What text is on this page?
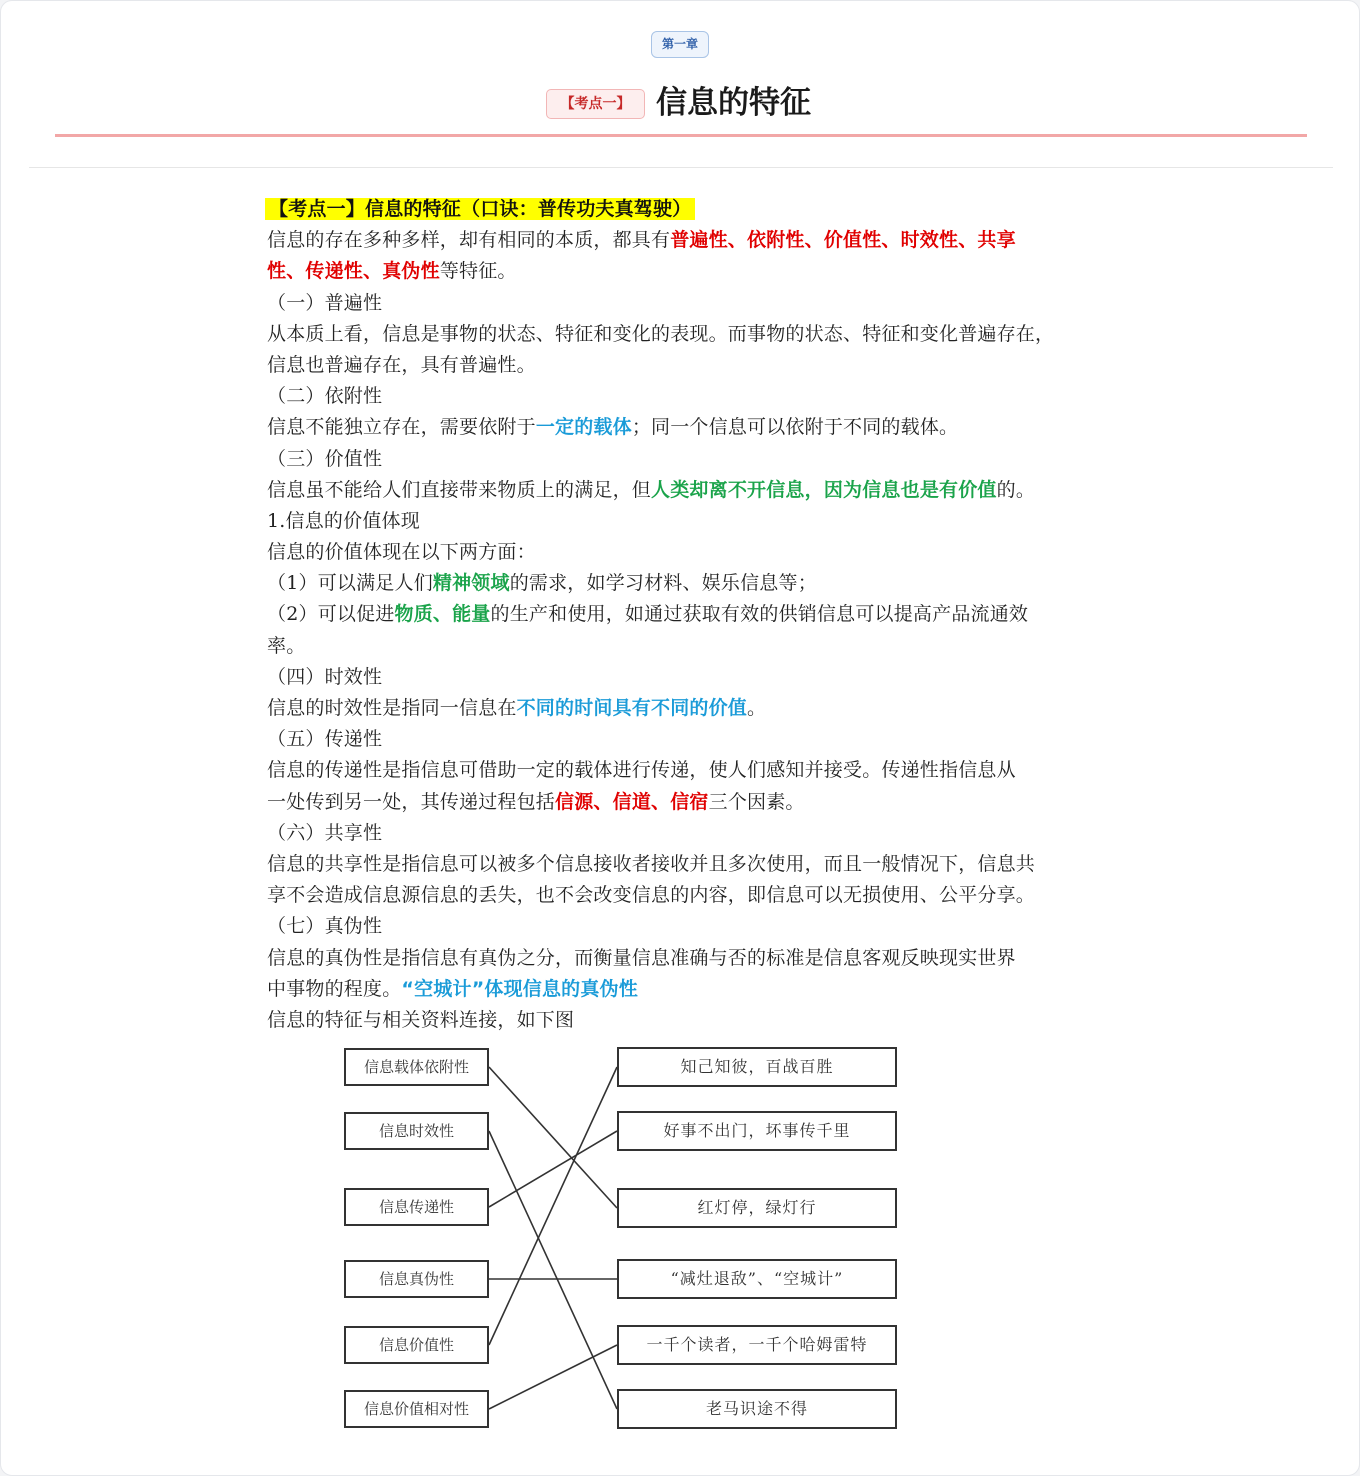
第一章
【考点一】 信息的特征
【考点一】信息的特征（口诀：普传功夫真驾驶）
信息的存在多种多样，却有相同的本质，都具有普遍性、依附性、价值性、时效性、共享
性、传递性、真伪性等特征。
（一）普遍性
从本质上看，信息是事物的状态、特征和变化的表现。而事物的状态、特征和变化普遍存在，
信息也普遍存在，具有普遍性。
（二）依附性
信息不能独立存在，需要依附于一定的载体；同一个信息可以依附于不同的载体。
（三）价值性
信息虽不能给人们直接带来物质上的满足，但人类却离不开信息，因为信息也是有价值的。
1.信息的价值体现
信息的价值体现在以下两方面：
（1）可以满足人们精神领域的需求，如学习材料、娱乐信息等；
（2）可以促进物质、能量的生产和使用，如通过获取有效的供销信息可以提高产品流通效
率。
（四）时效性
信息的时效性是指同一信息在不同的时间具有不同的价值。
（五）传递性
信息的传递性是指信息可借助一定的载体进行传递，使人们感知并接受。传递性指信息从
一处传到另一处，其传递过程包括信源、信道、信宿三个因素。
（六）共享性
信息的共享性是指信息可以被多个信息接收者接收并且多次使用，而且一般情况下，信息共
享不会造成信息源信息的丢失，也不会改变信息的内容，即信息可以无损使用、公平分享。
（七）真伪性
信息的真伪性是指信息有真伪之分，而衡量信息准确与否的标准是信息客观反映现实世界
中事物的程度。“空城计”体现信息的真伪性
信息的特征与相关资料连接，如下图
信息载体依附性
信息时效性
信息传递性
信息真伪性
信息价值性
信息价值相对性
知己知彼，百战百胜
好事不出门，坏事传千里
红灯停，绿灯行
“减灶退敌”、“空城计”
一千个读者，一千个哈姆雷特
老马识途不得
